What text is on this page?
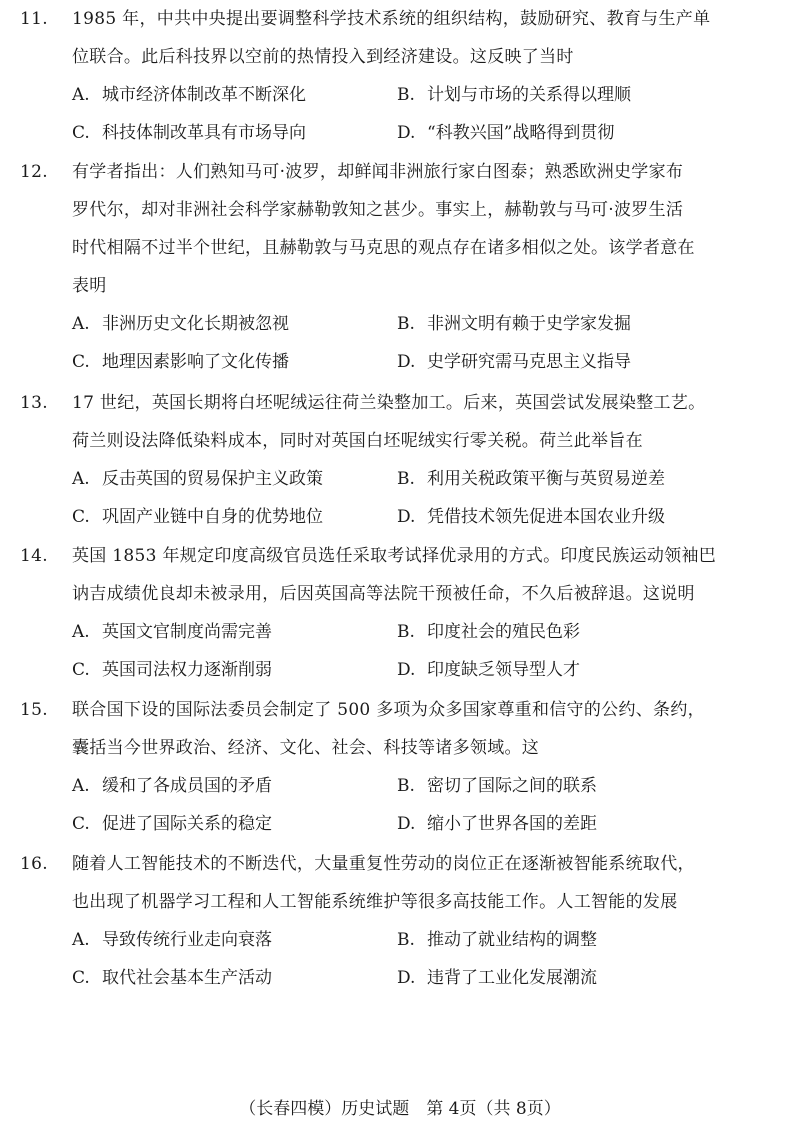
11.	1985 年，中共中央提出要调整科学技术系统的组织结构，鼓励研究、教育与生产单
位联合。此后科技界以空前的热情投入到经济建设。这反映了当时
A. 城市经济体制改革不断深化	B. 计划与市场的关系得以理顺
C. 科技体制改革具有市场导向	D. “科教兴国”战略得到贯彻
12.	有学者指出：人们熟知马可·波罗，却鲜闻非洲旅行家白图泰；熟悉欧洲史学家布
罗代尔，却对非洲社会科学家赫勒敦知之甚少。事实上，赫勒敦与马可·波罗生活
时代相隔不过半个世纪，且赫勒敦与马克思的观点存在诸多相似之处。该学者意在
表明
A. 非洲历史文化长期被忽视	B. 非洲文明有赖于史学家发掘
C. 地理因素影响了文化传播	D. 史学研究需马克思主义指导
13.	17 世纪，英国长期将白坯呢绒运往荷兰染整加工。后来，英国尝试发展染整工艺。
荷兰则设法降低染料成本，同时对英国白坯呢绒实行零关税。荷兰此举旨在
A. 反击英国的贸易保护主义政策	B. 利用关税政策平衡与英贸易逆差
C. 巩固产业链中自身的优势地位	D. 凭借技术领先促进本国农业升级
14.	英国 1853 年规定印度高级官员选任采取考试择优录用的方式。印度民族运动领袖巴
讷吉成绩优良却未被录用，后因英国高等法院干预被任命，不久后被辞退。这说明
A. 英国文官制度尚需完善	B. 印度社会的殖民色彩
C. 英国司法权力逐渐削弱	D. 印度缺乏领导型人才
15.	联合国下设的国际法委员会制定了 500 多项为众多国家尊重和信守的公约、条约，
囊括当今世界政治、经济、文化、社会、科技等诸多领域。这
A. 缓和了各成员国的矛盾	B. 密切了国际之间的联系
C. 促进了国际关系的稳定	D. 缩小了世界各国的差距
16.	随着人工智能技术的不断迭代，大量重复性劳动的岗位正在逐渐被智能系统取代，
也出现了机器学习工程和人工智能系统维护等很多高技能工作。人工智能的发展
A. 导致传统行业走向衰落	B. 推动了就业结构的调整
C. 取代社会基本生产活动	D. 违背了工业化发展潮流
（长春四模）历史试题　第 4页（共 8页）
